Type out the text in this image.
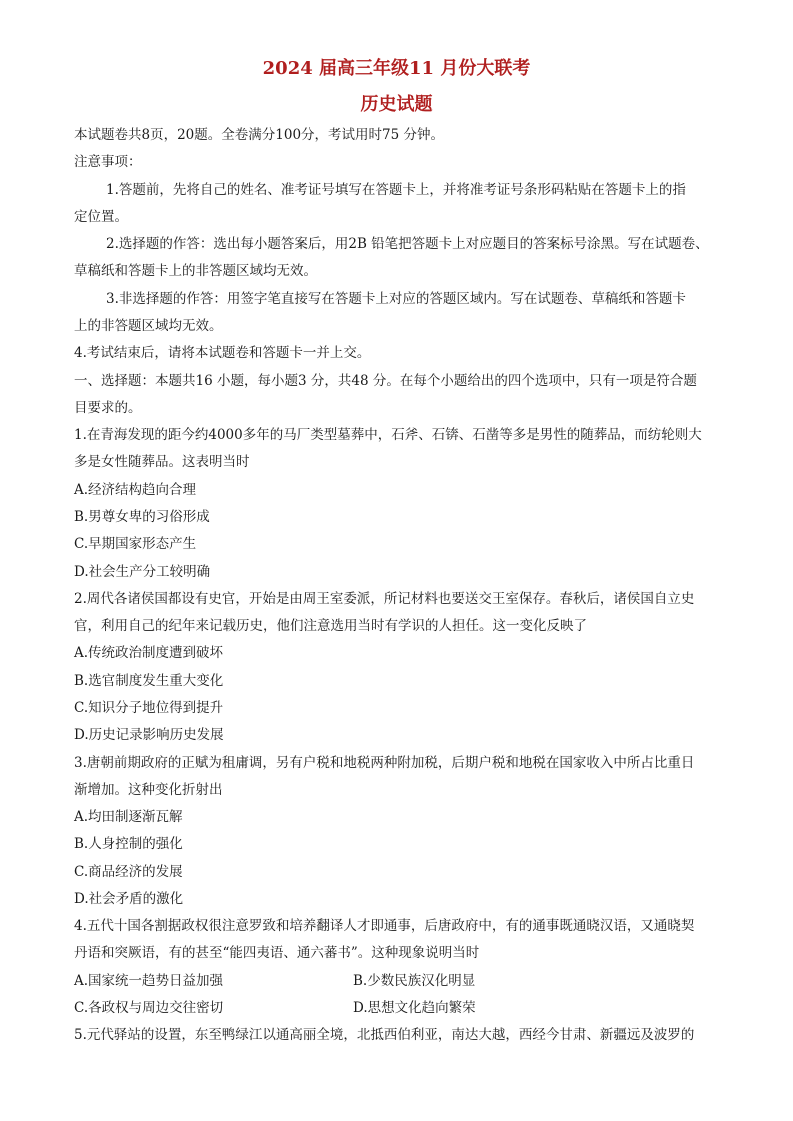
2024 届高三年级11 月份大联考
历史试题
本试题卷共8页，20题。全卷满分100分，考试用时75 分钟。
注意事项：
1.答题前，先将自己的姓名、准考证号填写在答题卡上，并将准考证号条形码粘贴在答题卡上的指
定位置。
2.选择题的作答：选出每小题答案后，用2B 铅笔把答题卡上对应题目的答案标号涂黑。写在试题卷、
草稿纸和答题卡上的非答题区域均无效。
3.非选择题的作答：用签字笔直接写在答题卡上对应的答题区域内。写在试题卷、草稿纸和答题卡
上的非答题区域均无效。
4.考试结束后，请将本试题卷和答题卡一并上交。
一、选择题：本题共16 小题，每小题3 分，共48 分。在每个小题给出的四个选项中，只有一项是符合题
目要求的。
1.在青海发现的距今约4000多年的马厂类型墓葬中，石斧、石锛、石凿等多是男性的随葬品，而纺轮则大
多是女性随葬品。这表明当时
A.经济结构趋向合理
B.男尊女卑的习俗形成
C.早期国家形态产生
D.社会生产分工较明确
2.周代各诸侯国都设有史官，开始是由周王室委派，所记材料也要送交王室保存。春秋后，诸侯国自立史
官，利用自己的纪年来记载历史，他们注意选用当时有学识的人担任。这一变化反映了
A.传统政治制度遭到破坏
B.选官制度发生重大变化
C.知识分子地位得到提升
D.历史记录影响历史发展
3.唐朝前期政府的正赋为租庸调，另有户税和地税两种附加税，后期户税和地税在国家收入中所占比重日
渐增加。这种变化折射出
A.均田制逐渐瓦解
B.人身控制的强化
C.商品经济的发展
D.社会矛盾的激化
4.五代十国各割据政权很注意罗致和培养翻译人才即通事，后唐政府中，有的通事既通晓汉语，又通晓契
丹语和突厥语，有的甚至“能四夷语、通六蕃书”。这种现象说明当时
A.国家统一趋势日益加强	B.少数民族汉化明显
C.各政权与周边交往密切	D.思想文化趋向繁荣
5.元代驿站的设置，东至鸭绿江以通高丽全境，北抵西伯利亚，南达大越，西经今甘肃、新疆远及波罗的
